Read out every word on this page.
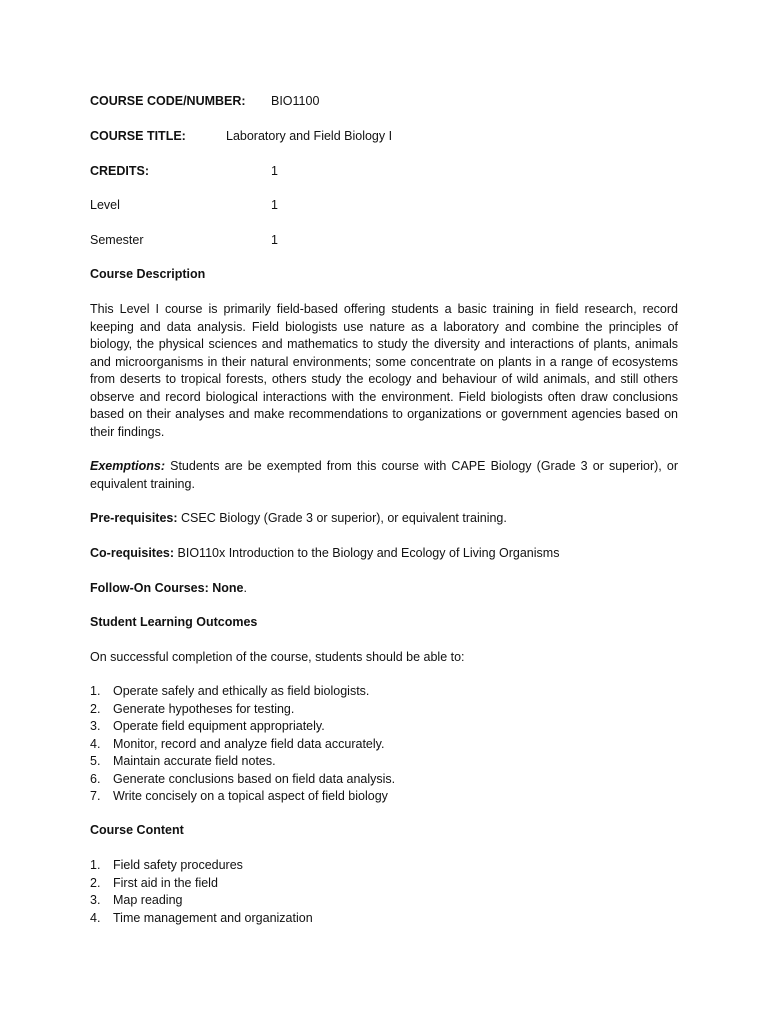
COURSE CODE/NUMBER: BIO1100
COURSE TITLE:	Laboratory and Field Biology I
CREDITS:	1
Level	1
Semester	1
Course Description
This Level I course is primarily field-based offering students a basic training in field research, record keeping and data analysis. Field biologists use nature as a laboratory and combine the principles of biology, the physical sciences and mathematics to study the diversity and interactions of plants, animals and microorganisms in their natural environments; some concentrate on plants in a range of ecosystems from deserts to tropical forests, others study the ecology and behaviour of wild animals, and still others observe and record biological interactions with the environment. Field biologists often draw conclusions based on their analyses and make recommendations to organizations or government agencies based on their findings.
Exemptions: Students are be exempted from this course with CAPE Biology (Grade 3 or superior), or equivalent training.
Pre-requisites: CSEC Biology (Grade 3 or superior), or equivalent training.
Co-requisites: BIO110x Introduction to the Biology and Ecology of Living Organisms
Follow-On Courses: None.
Student Learning Outcomes
On successful completion of the course, students should be able to:
1.	Operate safely and ethically as field biologists.
2.	Generate hypotheses for testing.
3.	Operate field equipment appropriately.
4.	Monitor, record and analyze field data accurately.
5.	Maintain accurate field notes.
6.	Generate conclusions based on field data analysis.
7.	Write concisely on a topical aspect of field biology
Course Content
1.	Field safety procedures
2.	First aid in the field
3.	Map reading
4.	Time management and organization
